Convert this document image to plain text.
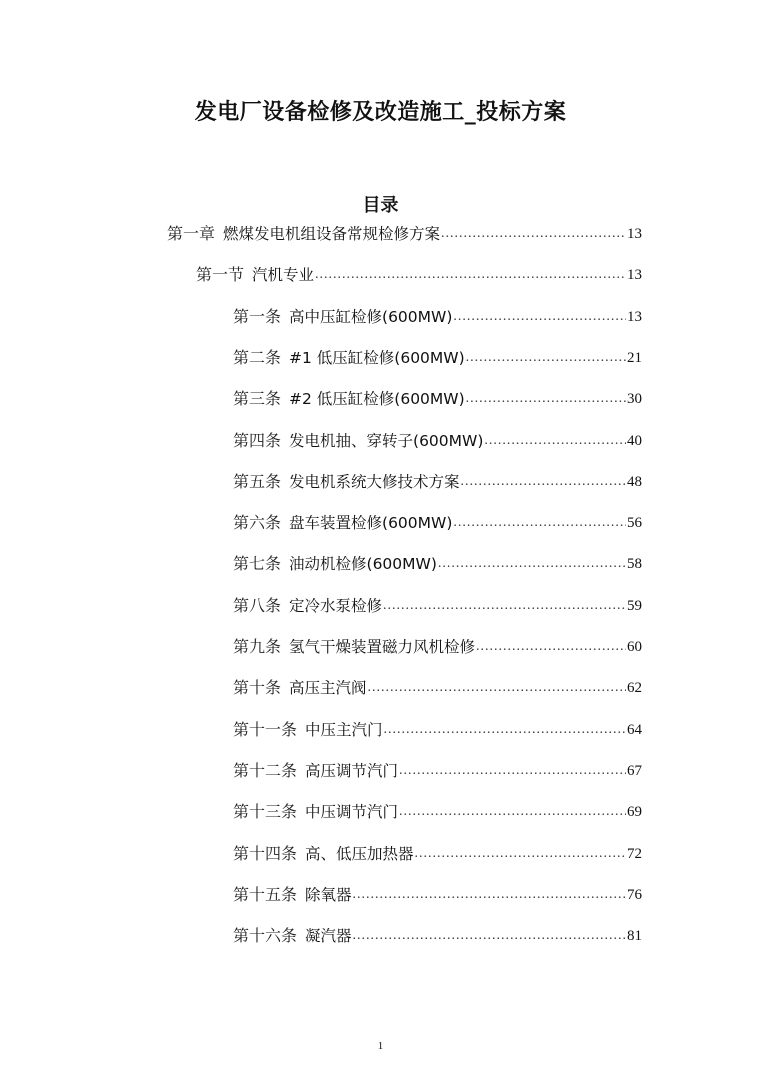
发电厂设备检修及改造施工_投标方案
目录
第一章 燃煤发电机组设备常规检修方案 .....	13
第一节 汽机专业 .....	13
第一条 高中压缸检修(600MW) .....	13
第二条 #1 低压缸检修(600MW) .....	21
第三条 #2 低压缸检修(600MW) .....	30
第四条 发电机抽、穿转子(600MW) .....	40
第五条 发电机系统大修技术方案 .....	48
第六条 盘车装置检修(600MW) .....	56
第七条 油动机检修(600MW) .....	58
第八条 定冷水泵检修 .....	59
第九条 氢气干燥装置磁力风机检修 .....	60
第十条 高压主汽阀 .....	62
第十一条 中压主汽门 .....	64
第十二条 高压调节汽门 .....	67
第十三条 中压调节汽门 .....	69
第十四条 高、低压加热器 .....	72
第十五条 除氧器 .....	76
第十六条 凝汽器 .....	81
1
